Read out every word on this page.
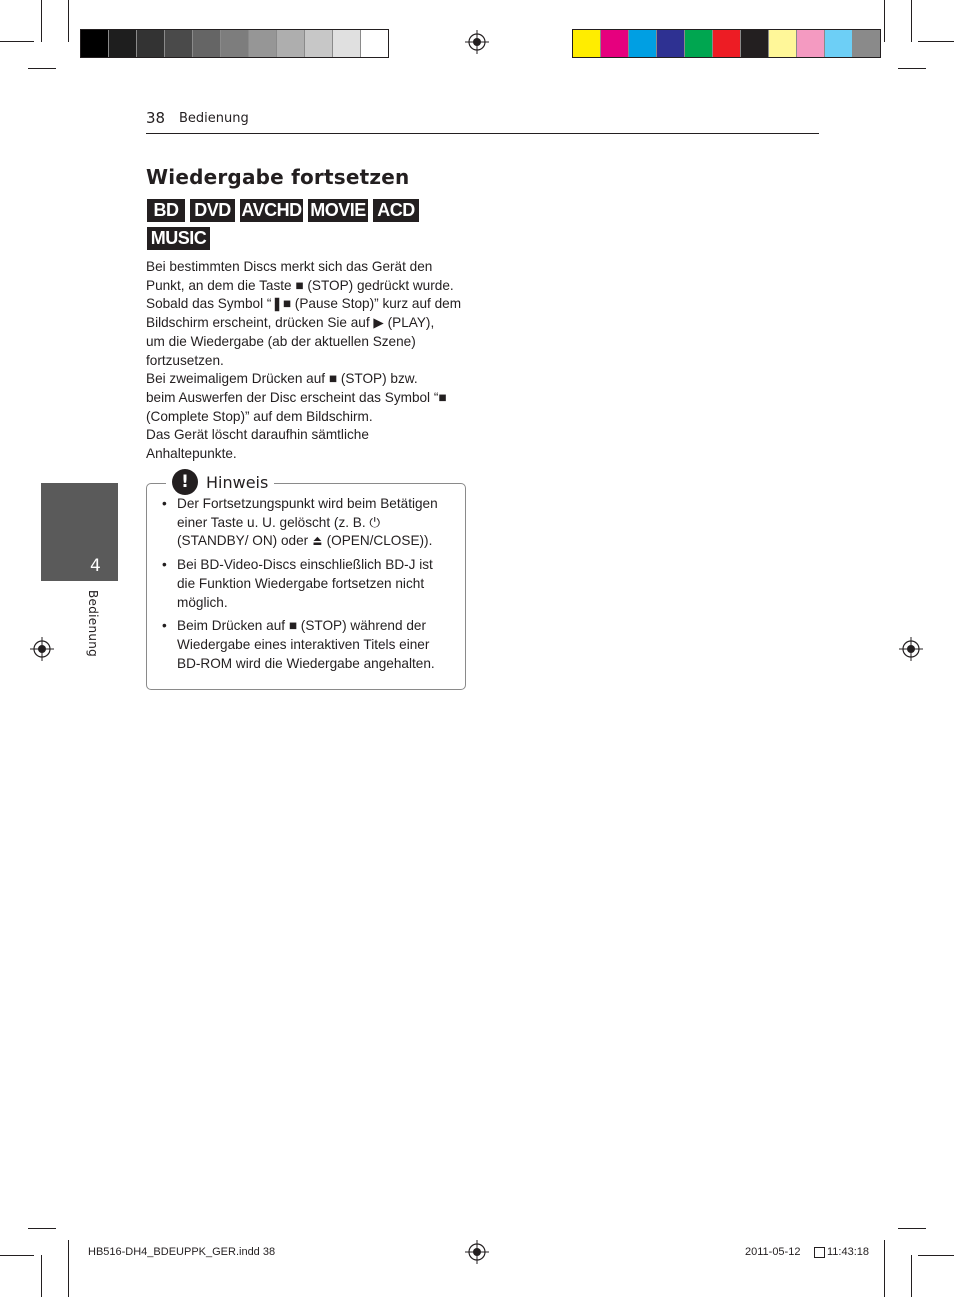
38 Bedienung
4
Bedienung
Wiedergabe fortsetzen
BD DVD AVCHD MOVIE ACD
MUSIC

Bei bestimmten Discs merkt sich das Gerät den

Punkt, an dem die Taste ■ (STOP) gedrückt wurde.

Sobald das Symbol “❚■ (Pause Stop)” kurz auf dem

Bildschirm erscheint, drücken Sie auf ▶ (PLAY),

um die Wiedergabe (ab der aktuellen Szene)

fortzusetzen.

Bei zweimaligem Drücken auf ■ (STOP) bzw.

beim Auswerfen der Disc erscheint das Symbol “■

(Complete Stop)” auf dem Bildschirm.

Das Gerät löscht daraufhin sämtliche

Anhaltepunkte.

!	Hinweis
• Der Fortsetzungspunkt wird beim Betätigen einer Taste u. U. gelöscht (z. B. ⏻ (STANDBY/ ON) oder ⏏ (OPEN/CLOSE)).
• Bei BD-Video-Discs einschließlich BD-J ist die Funktion Wiedergabe fortsetzen nicht möglich.
• Beim Drücken auf ■ (STOP) während der Wiedergabe eines interaktiven Titels einer BD-ROM wird die Wiedergabe angehalten.
HB516-DH4_BDEUPPK_GER.indd 38	2011-05-12 11:43:18
